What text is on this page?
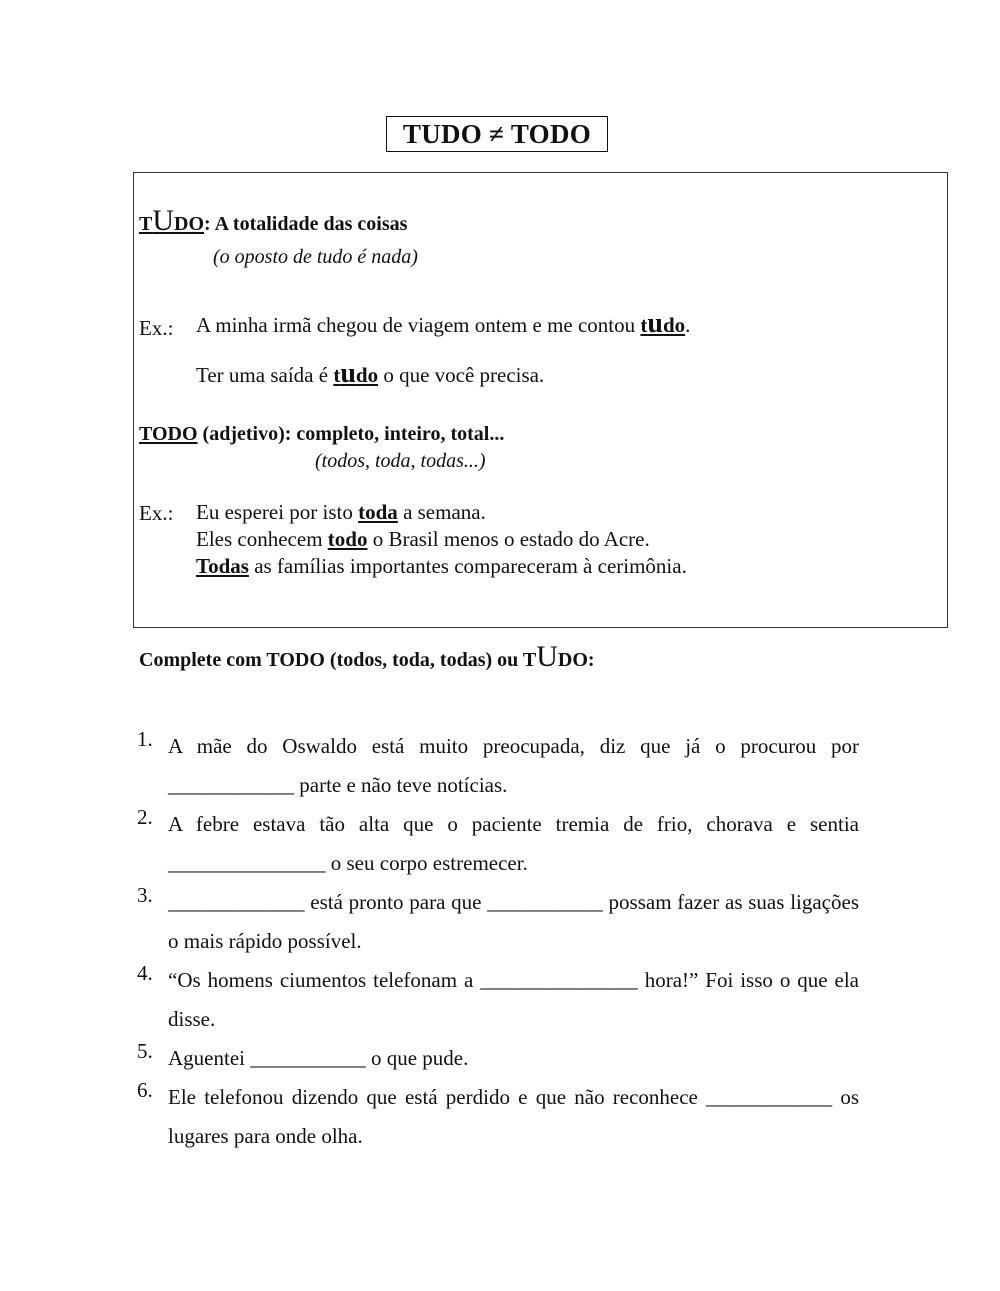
TUDO ≠ TODO
TUDO: A totalidade das coisas
(o oposto de tudo é nada)
Ex.: A minha irmã chegou de viagem ontem e me contou tudo.
Ter uma saída é tudo o que você precisa.
TODO (adjetivo): completo, inteiro, total...
(todos, toda, todas...)
Ex.: Eu esperei por isto toda a semana.
Eles conhecem todo o Brasil menos o estado do Acre.
Todas as famílias importantes compareceram à cerimônia.
Complete com TODO (todos, toda, todas) ou TUDO:
1. A mãe do Oswaldo está muito preocupada, diz que já o procurou por ____________ parte e não teve notícias.
2. A febre estava tão alta que o paciente tremia de frio, chorava e sentia _______________ o seu corpo estremecer.
3. _____________ está pronto para que ___________ possam fazer as suas ligações o mais rápido possível.
4. “Os homens ciumentos telefonam a _______________ hora!” Foi isso o que ela disse.
5. Aguentei ___________ o que pude.
6. Ele telefonou dizendo que está perdido e que não reconhece ____________ os lugares para onde olha.
